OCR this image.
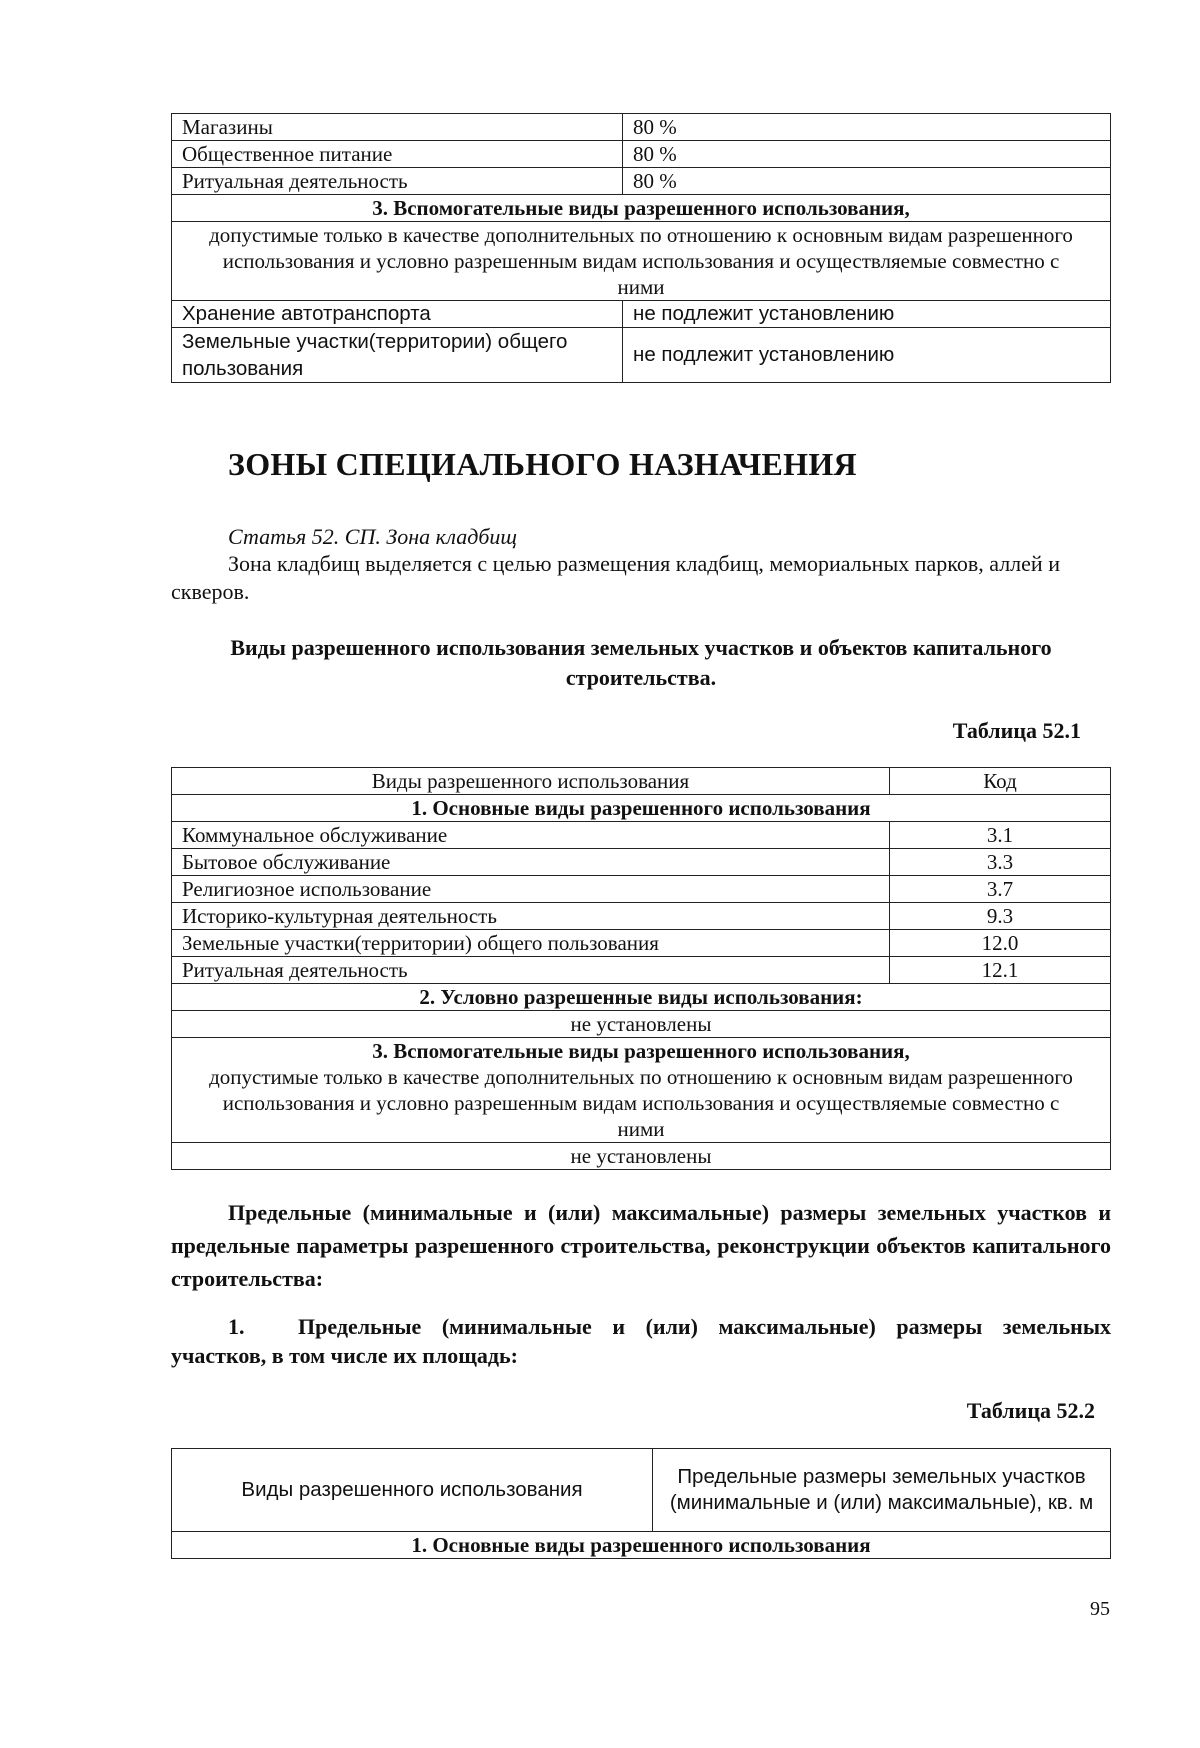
Магазины	80 %
Общественное питание	80 %
Ритуальная деятельность	80 %
3. Вспомогательные виды разрешенного использования,	
допустимые только в качестве дополнительных по отношению к основным видам разрешенного использования и условно разрешенным видам использования и осуществляемые совместно с ними	
Хранение автотранспорта	не подлежит установлению
Земельные участки(территории) общего пользования	не подлежит установлению
ЗОНЫ СПЕЦИАЛЬНОГО НАЗНАЧЕНИЯ
Статья 52. СП. Зона кладбищ
Зона кладбищ выделяется с целью размещения кладбищ, мемориальных парков, аллей и скверов.
Виды разрешенного использования земельных участков и объектов капитального строительства.
Таблица 52.1
Виды разрешенного использования	Код
1. Основные виды разрешенного использования	
Коммунальное обслуживание	3.1
Бытовое обслуживание	3.3
Религиозное использование	3.7
Историко-культурная деятельность	9.3
Земельные участки(территории) общего пользования	12.0
Ритуальная деятельность	12.1
2. Условно разрешенные виды использования:	
не установлены	

3. Вспомогательные виды разрешенного использования,
допустимые только в качестве дополнительных по отношению к основным видам разрешенного использования и условно разрешенным видам использования и осуществляемые совместно с ними	

не установлены	
Предельные (минимальные и (или) максимальные) размеры земельных участков и предельные параметры разрешенного строительства, реконструкции объектов капитального строительства:
1. Предельные (минимальные и (или) максимальные) размеры земельных участков, в том числе их площадь:
Таблица 52.2
Виды разрешенного использования	Предельные размеры земельных участков (минимальные и (или) максимальные), кв. м
1. Основные виды разрешенного использования
95
